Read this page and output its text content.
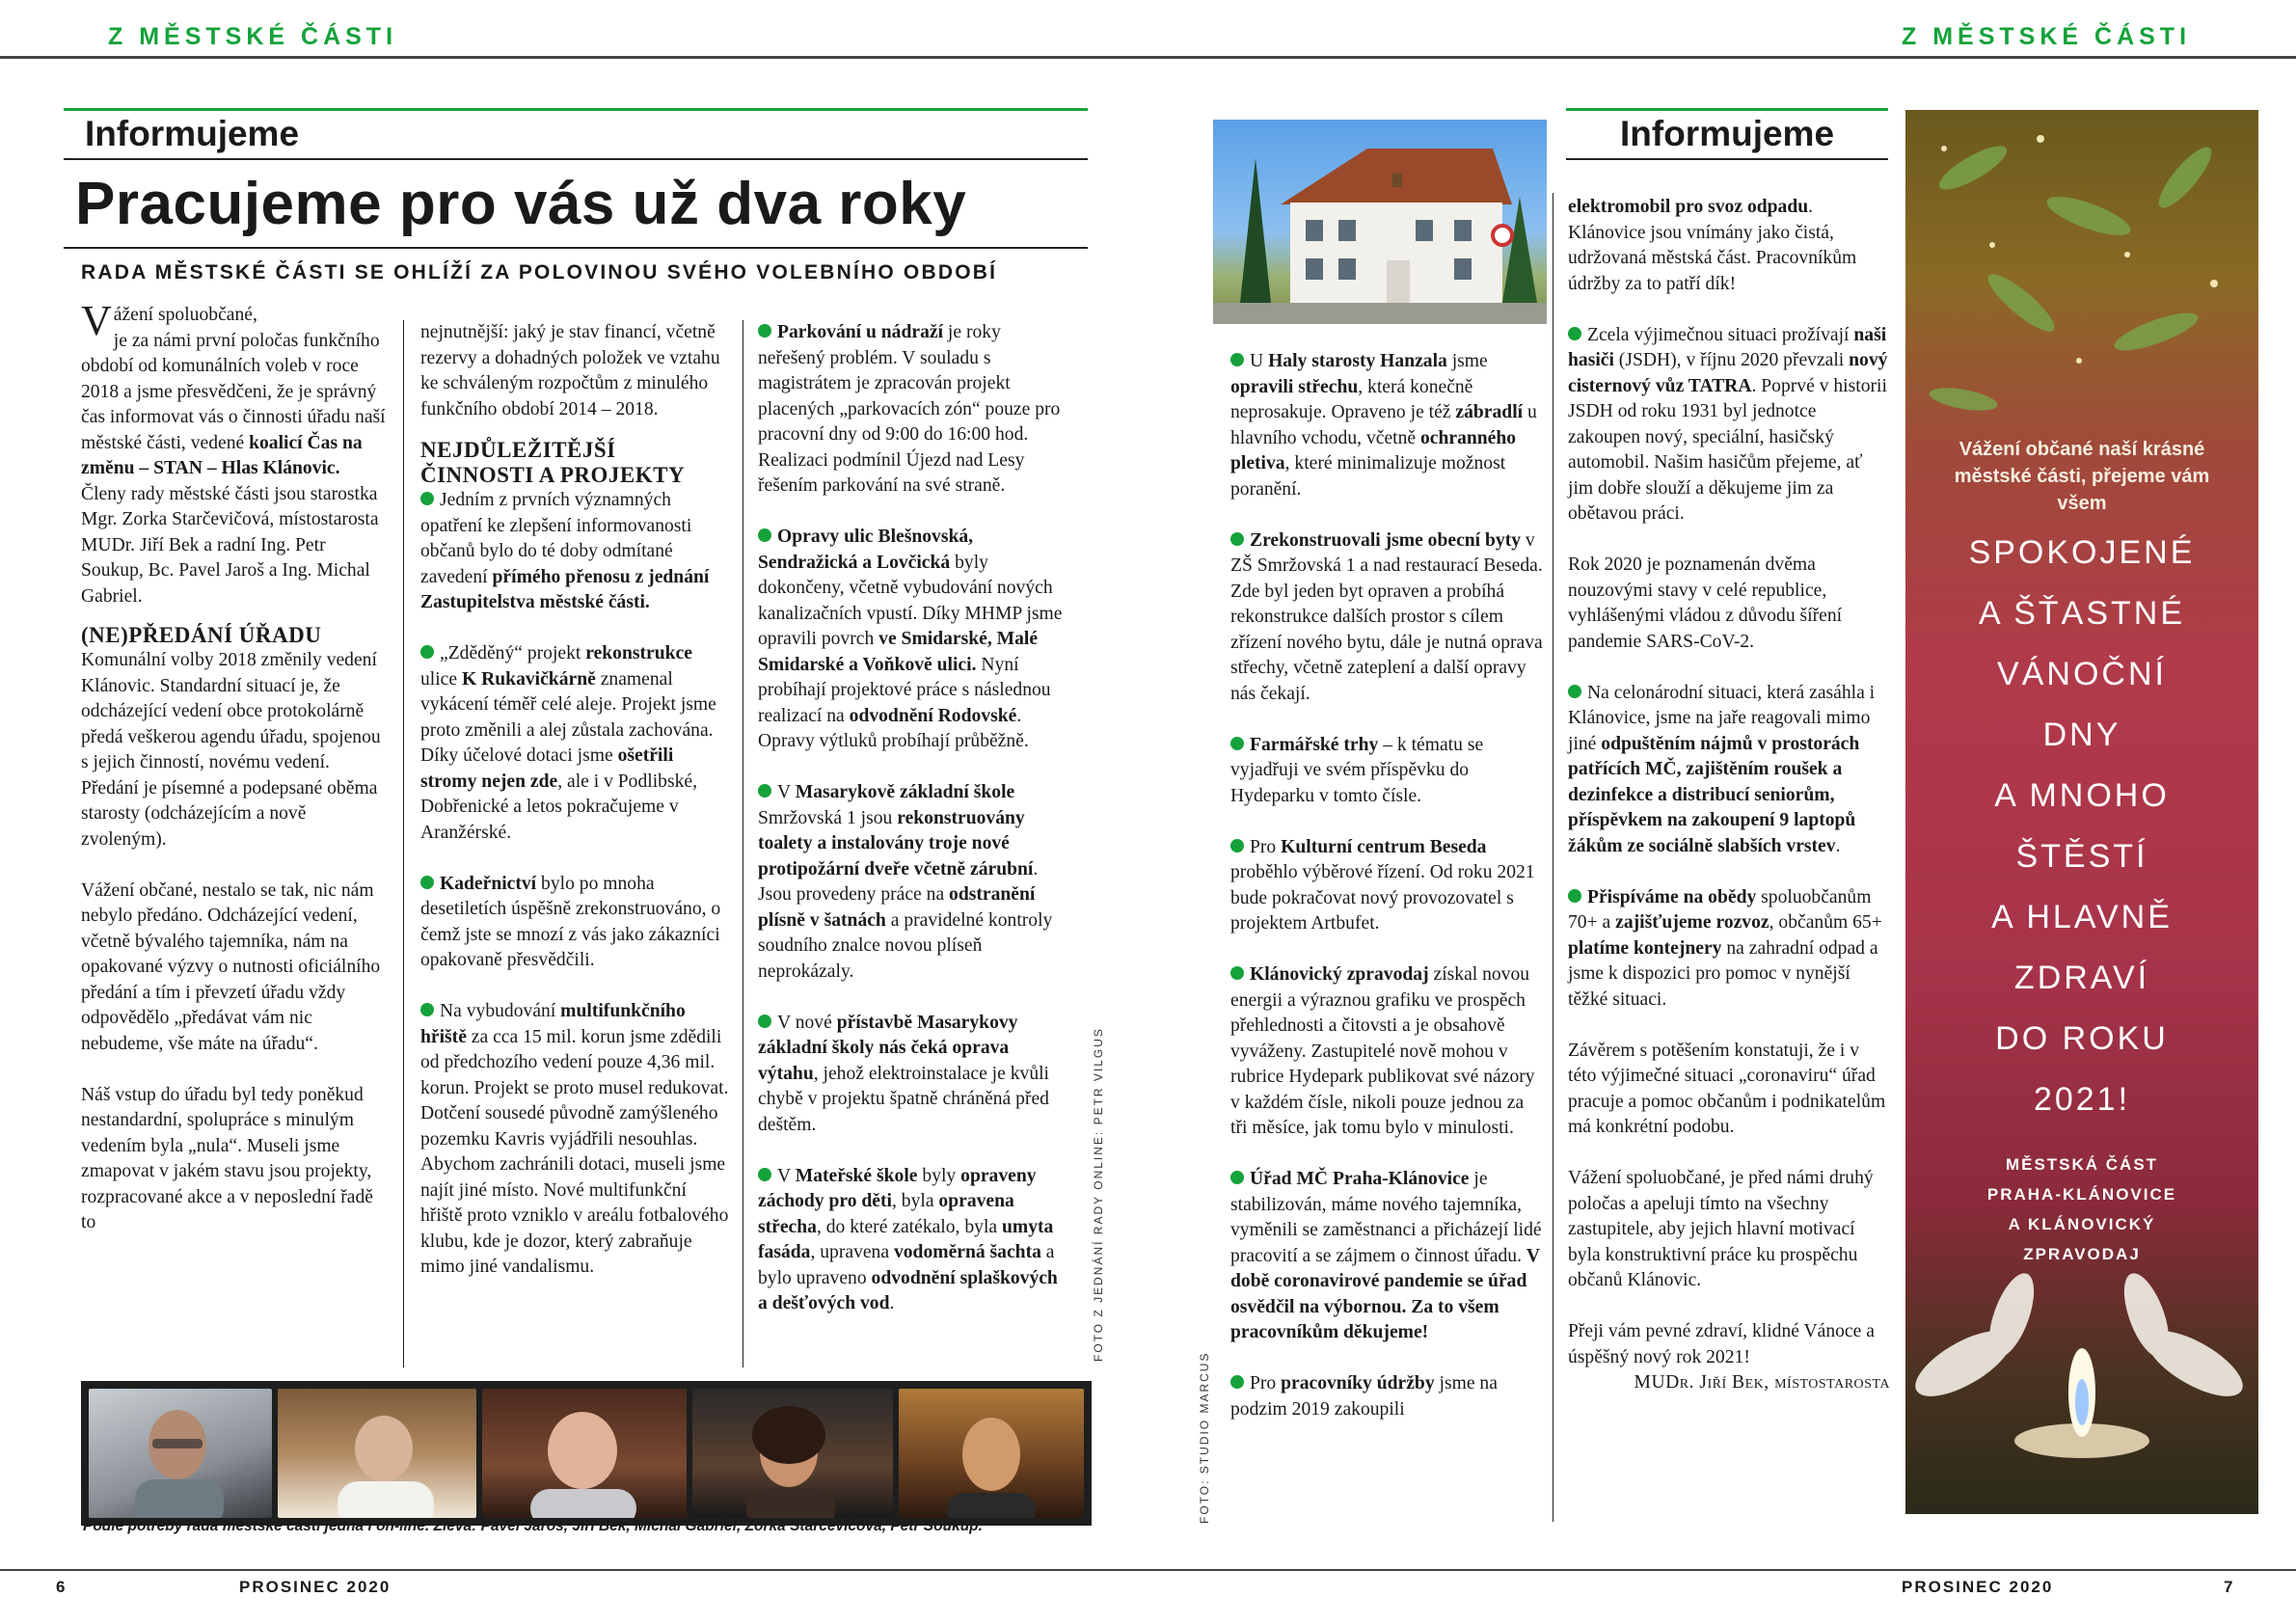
Z MĚSTSKÉ ČÁSTI
Informujeme
Pracujeme pro vás už dva roky
RADA MĚSTSKÉ ČÁSTI SE OHLÍŽÍ ZA POLOVINOU SVÉHO VOLEBNÍHO OBDOBÍ

Vážení spoluobčané,
je za námi první poločas funkčního období od komunálních voleb v roce 2018 a jsme přesvědčeni, že je správný čas informovat vás o činnosti úřadu naší městské části, vedené koalicí Čas na změnu – STAN – Hlas Klánovic. Členy rady městské části jsou starostka Mgr. Zorka Starčevičová, místostarosta MUDr. Jiří Bek a radní Ing. Petr Soukup, Bc. Pavel Jaroš a Ing. Michal Gabriel.

(NE)PŘEDÁNÍ ÚŘADU

Komunální volby 2018 změnily vedení Klánovic. Standardní situací je, že odcházející vedení obce protokolárně předá veškerou agendu úřadu, spojenou s jejich činností, novému vedení. Předání je písemné a podepsané oběma starosty (odcházejícím a nově zvoleným).

Vážení občané, nestalo se tak, nic nám nebylo předáno. Odcházející vedení, včetně bývalého tajemníka, nám na opakované výzvy o nutnosti oficiálního předání a tím i převzetí úřadu vždy odpovědělo „předávat vám nic nebudeme, vše máte na úřadu“.

Náš vstup do úřadu byl tedy poněkud nestandardní, spolupráce s minulým vedením byla „nula“. Museli jsme zmapovat v jakém stavu jsou projekty, rozpracované akce a v neposlední řadě to

nejnutnější: jaký je stav financí, včetně rezervy a dohadných položek ve vztahu ke schváleným rozpočtům z minulého funkčního období 2014 – 2018.

NEJDŮLEŽITĚJŠÍ ČINNOSTI A PROJEKTY

Jedním z prvních významných opatření ke zlepšení informovanosti občanů bylo do té doby odmítané zavedení přímého přenosu z jednání Zastupitelstva městské části.

„Zděděný“ projekt rekonstrukce ulice K Rukavičkárně znamenal vykácení téměř celé aleje. Projekt jsme proto změnili a alej zůstala zachována. Díky účelové dotaci jsme ošetřili stromy nejen zde, ale i v Podlibské, Dobřenické a letos pokračujeme v Aranžérské.

Kadeřnictví bylo po mnoha desetiletích úspěšně zrekonstruováno, o čemž jste se mnozí z vás jako zákazníci opakovaně přesvědčili.

Na vybudování multifunkčního hřiště za cca 15 mil. korun jsme zdědili od předchozího vedení pouze 4,36 mil. korun. Projekt se proto musel redukovat. Dotčení sousedé původně zamýšleného pozemku Kavris vyjádřili nesouhlas. Abychom zachránili dotaci, museli jsme najít jiné místo. Nové multifunkční hřiště proto vzniklo v areálu fotbalového klubu, kde je dozor, který zabraňuje mimo jiné vandalismu.

Parkování u nádraží je roky neřešený problém. V souladu s magistrátem je zpracován projekt placených „parkovacích zón“ pouze pro pracovní dny od 9:00 do 16:00 hod. Realizaci podmínil Újezd nad Lesy řešením parkování na své straně.

Opravy ulic Blešnovská, Sendražická a Lovčická byly dokončeny, včetně vybudování nových kanalizačních vpustí. Díky MHMP jsme opravili povrch ve Smidarské, Malé Smidarské a Voňkově ulici. Nyní probíhají projektové práce s následnou realizací na odvodnění Rodovské. Opravy výtluků probíhají průběžně.

V Masarykově základní škole Smržovská 1 jsou rekonstruovány toalety a instalovány troje nové protipožární dveře včetně zárubní. Jsou provedeny práce na odstranění plísně v šatnách a pravidelné kontroly soudního znalce novou plíseň neprokázaly.

V nové přístavbě Masarykovy základní školy nás čeká oprava výtahu, jehož elektroinstalace je kvůli chybě v projektu špatně chráněná před deštěm.

V Mateřské škole byly opraveny záchody pro děti, byla opravena střecha, do které zatékalo, byla umyta fasáda, upravena vodoměrná šachta a bylo upraveno odvodnění splaškových a dešťových vod.	FOTO Z JEDNÁNÍ RADY ONLINE: PETR VILGUS
Podle potřeby rada městské části jedná i on-line. Zleva: Pavel Jaroš, Jiří Bek, Michal Gabriel, Zorka Starčevičová, Petr Soukup.
6	PROSINEC 2020
Z MĚSTSKÉ ČÁSTI
FOTO: STUDIO MARCUS
Informujeme

U Haly starosty Hanzala jsme opravili střechu, která konečně neprosakuje. Opraveno je též zábradlí u hlavního vchodu, včetně ochranného pletiva, které minimalizuje možnost poranění.

Zrekonstruovali jsme obecní byty v ZŠ Smržovská 1 a nad restaurací Beseda. Zde byl jeden byt opraven a probíhá rekonstrukce dalších prostor s cílem zřízení nového bytu, dále je nutná oprava střechy, včetně zateplení a další opravy nás čekají.

Farmářské trhy – k tématu se vyjadřuji ve svém příspěvku do Hydeparku v tomto čísle.

Pro Kulturní centrum Beseda proběhlo výběrové řízení. Od roku 2021 bude pokračovat nový provozovatel s projektem Artbufet.

Klánovický zpravodaj získal novou energii a výraznou grafiku ve prospěch přehlednosti a čitovsti a je obsahově vyváženy. Zastupitelé nově mohou v rubrice Hydepark publikovat své názory v každém čísle, nikoli pouze jednou za tři měsíce, jak tomu bylo v minulosti.

Úřad MČ Praha-Klánovice je stabilizován, máme nového tajemníka, vyměnili se zaměstnanci a přicházejí lidé pracovití a se zájmem o činnost úřadu. V době coronavirové pandemie se úřad osvědčil na výbornou. Za to všem pracovníkům děkujeme!

Pro pracovníky údržby jsme na podzim 2019 zakoupili

elektromobil pro svoz odpadu. Klánovice jsou vnímány jako čistá, udržovaná městská část. Pracovníkům údržby za to patří dík!

Zcela výjimečnou situaci prožívají naši hasiči (JSDH), v říjnu 2020 převzali nový cisternový vůz TATRA. Poprvé v historii JSDH od roku 1931 byl jednotce zakoupen nový, speciální, hasičský automobil. Našim hasičům přejeme, ať jim dobře slouží a děkujeme jim za obětavou práci.

Rok 2020 je poznamenán dvěma nouzovými stavy v celé republice, vyhlášenými vládou z důvodu šíření pandemie SARS-CoV-2.

Na celonárodní situaci, která zasáhla i Klánovice, jsme na jaře reagovali mimo jiné odpuštěním nájmů v prostorách patřících MČ, zajištěním roušek a dezinfekce a distribucí seniorům, příspěvkem na zakoupení 9 laptopů žákům ze sociálně slabších vrstev.

Přispíváme na obědy spoluobčanům 70+ a zajišťujeme rozvoz, občanům 65+ platíme kontejnery na zahradní odpad a jsme k dispozici pro pomoc v nynější těžké situaci.

Závěrem s potěšením konstatuji, že i v této výjimečné situaci „coronaviru“ úřad pracuje a pomoc občanům i podnikatelům má konkrétní podobu.

Vážení spoluobčané, je před námi druhý poločas a apeluji tímto na všechny zastupitele, aby jejich hlavní motivací byla konstruktivní práce ku prospěchu občanů Klánovic.

Přeji vám pevné zdraví, klidné Vánoce a úspěšný nový rok 2021!

MUDr. Jiří Bek, místostarosta

Vážení občané naší krásné městské části, přejeme vám všem
SPOKOJENÉ
A ŠŤASTNÉ
VÁNOČNÍ
DNY
A MNOHO
ŠTĚSTÍ
A HLAVNĚ
ZDRAVÍ
DO ROKU
2021!
MĚSTSKÁ ČÁST
PRAHA-KLÁNOVICE
A KLÁNOVICKÝ
ZPRAVODAJ
PROSINEC 2020	7
